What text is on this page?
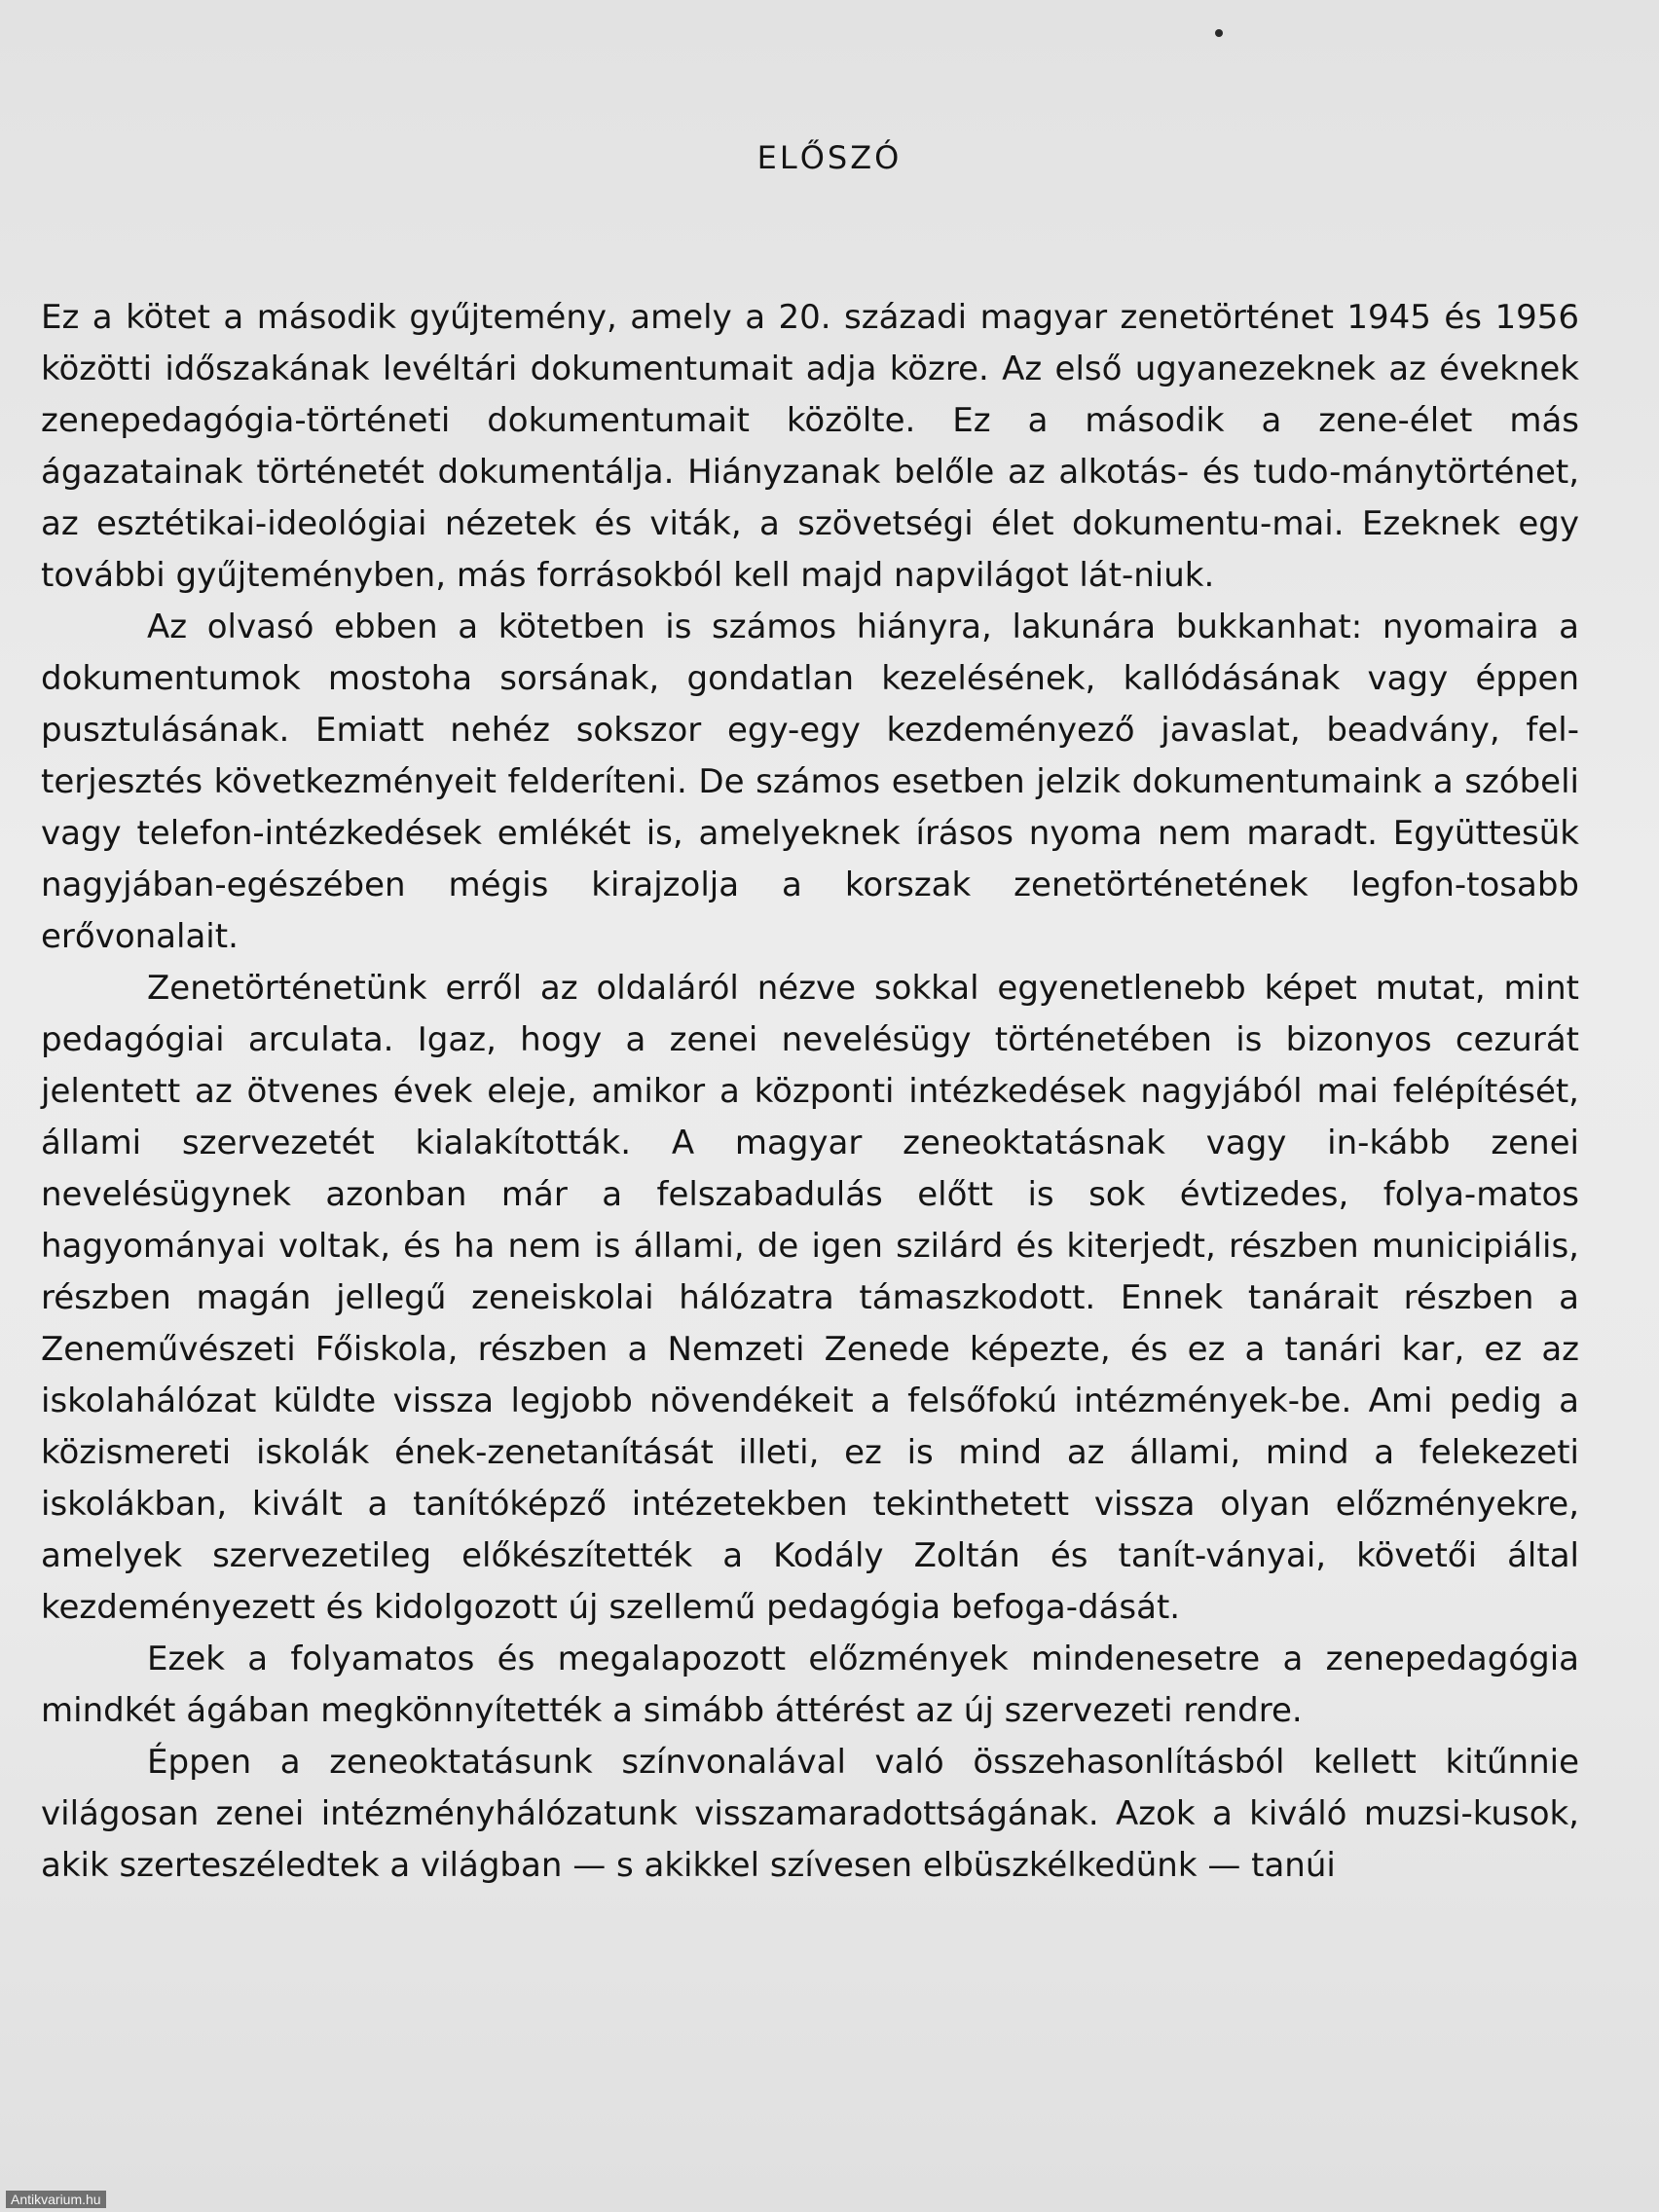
ELŐSZÓ

Ez a kötet a második gyűjtemény, amely a 20. századi magyar zenetörténet 1945 és 1956 közötti időszakának levéltári dokumentumait adja közre. Az első ugyanezeknek az éveknek zenepedagógia-történeti dokumentumait közölte. Ez a második a zene-élet más ágazatainak történetét dokumentálja. Hiányzanak belőle az alkotás- és tudo-mánytörténet, az esztétikai-ideológiai nézetek és viták, a szövetségi élet dokumentu-mai. Ezeknek egy további gyűjteményben, más forrásokból kell majd napvilágot lát-niuk.

Az olvasó ebben a kötetben is számos hiányra, lakunára bukkanhat: nyomaira a dokumentumok mostoha sorsának, gondatlan kezelésének, kallódásának vagy éppen pusztulásának. Emiatt nehéz sokszor egy-egy kezdeményező javaslat, beadvány, fel-terjesztés következményeit felderíteni. De számos esetben jelzik dokumentumaink a szóbeli vagy telefon-intézkedések emlékét is, amelyeknek írásos nyoma nem maradt. Együttesük nagyjában-egészében mégis kirajzolja a korszak zenetörténetének legfon-tosabb erővonalait.

Zenetörténetünk erről az oldaláról nézve sokkal egyenetlenebb képet mutat, mint pedagógiai arculata. Igaz, hogy a zenei nevelésügy történetében is bizonyos cezurát jelentett az ötvenes évek eleje, amikor a központi intézkedések nagyjából mai felépítését, állami szervezetét kialakították. A magyar zeneoktatásnak vagy in-kább zenei nevelésügynek azonban már a felszabadulás előtt is sok évtizedes, folya-matos hagyományai voltak, és ha nem is állami, de igen szilárd és kiterjedt, részben municipiális, részben magán jellegű zeneiskolai hálózatra támaszkodott. Ennek tanárait részben a Zeneművészeti Főiskola, részben a Nemzeti Zenede képezte, és ez a tanári kar, ez az iskolahálózat küldte vissza legjobb növendékeit a felsőfokú intézmények-be. Ami pedig a közismereti iskolák ének-zenetanítását illeti, ez is mind az állami, mind a felekezeti iskolákban, kivált a tanítóképző intézetekben tekinthetett vissza olyan előzményekre, amelyek szervezetileg előkészítették a Kodály Zoltán és tanít-ványai, követői által kezdeményezett és kidolgozott új szellemű pedagógia befoga-dását.

Ezek a folyamatos és megalapozott előzmények mindenesetre a zenepedagógia mindkét ágában megkönnyítették a simább áttérést az új szervezeti rendre.

Éppen a zeneoktatásunk színvonalával való összehasonlításból kellett kitűnnie világosan zenei intézményhálózatunk visszamaradottságának. Azok a kiváló muzsi-kusok, akik szerteszéledtek a világban — s akikkel szívesen elbüszkélkedünk — tanúi

Antikvarium.hu
